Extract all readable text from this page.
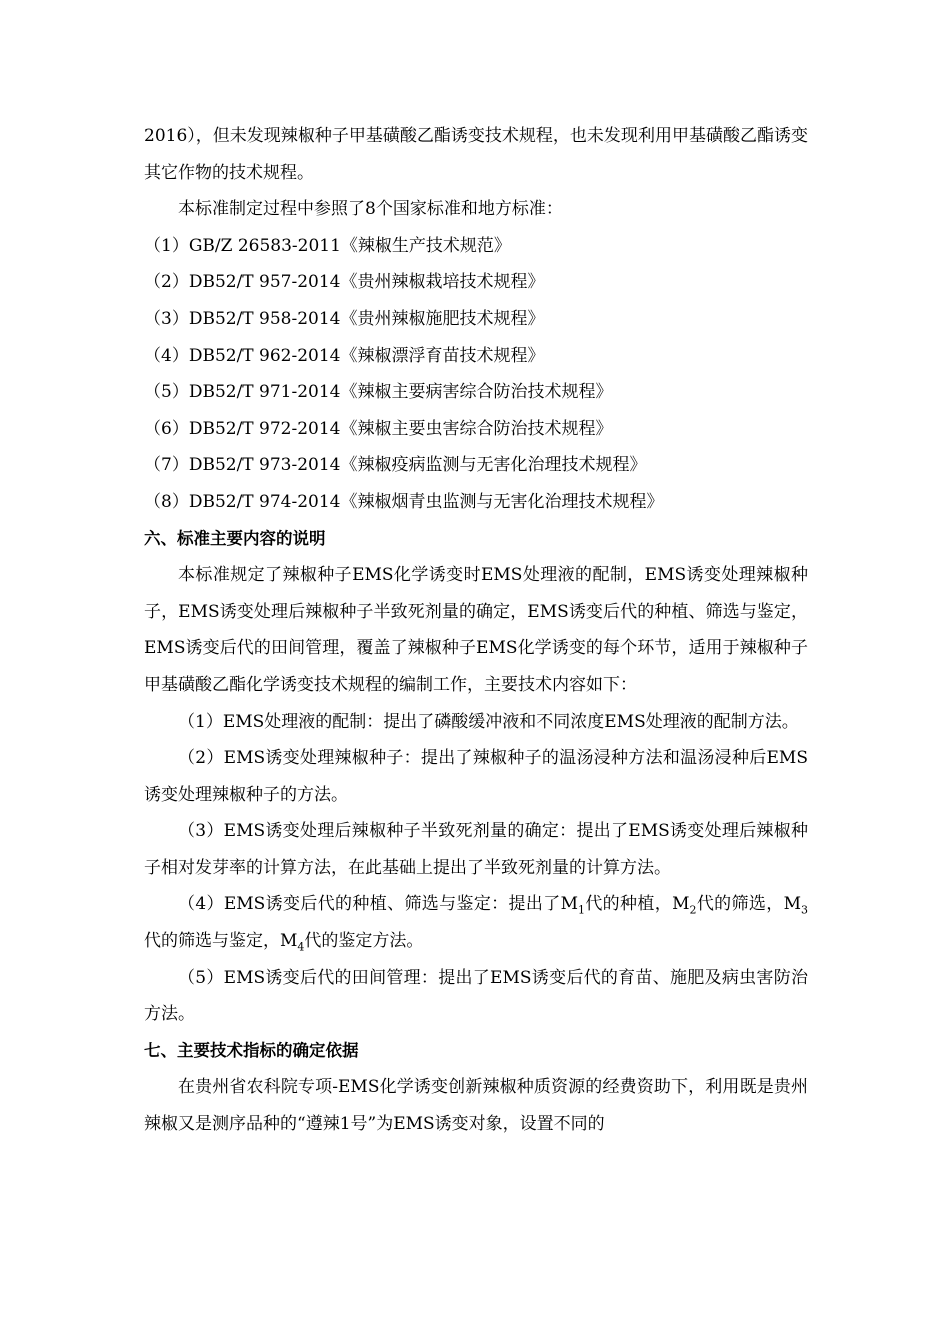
2016），但未发现辣椒种子甲基磺酸乙酯诱变技术规程，也未发现利用甲基磺酸乙酯诱变其它作物的技术规程。

本标准制定过程中参照了8个国家标准和地方标准：

（1）GB/Z 26583-2011《辣椒生产技术规范》

（2）DB52/T 957-2014《贵州辣椒栽培技术规程》

（3）DB52/T 958-2014《贵州辣椒施肥技术规程》

（4）DB52/T 962-2014《辣椒漂浮育苗技术规程》

（5）DB52/T 971-2014《辣椒主要病害综合防治技术规程》

（6）DB52/T 972-2014《辣椒主要虫害综合防治技术规程》

（7）DB52/T 973-2014《辣椒疫病监测与无害化治理技术规程》

（8）DB52/T 974-2014《辣椒烟青虫监测与无害化治理技术规程》

六、标准主要内容的说明

本标准规定了辣椒种子EMS化学诱变时EMS处理液的配制，EMS诱变处理辣椒种子，EMS诱变处理后辣椒种子半致死剂量的确定，EMS诱变后代的种植、筛选与鉴定，EMS诱变后代的田间管理，覆盖了辣椒种子EMS化学诱变的每个环节，适用于辣椒种子甲基磺酸乙酯化学诱变技术规程的编制工作，主要技术内容如下：

（1）EMS处理液的配制：提出了磷酸缓冲液和不同浓度EMS处理液的配制方法。

（2）EMS诱变处理辣椒种子：提出了辣椒种子的温汤浸种方法和温汤浸种后EMS诱变处理辣椒种子的方法。

（3）EMS诱变处理后辣椒种子半致死剂量的确定：提出了EMS诱变处理后辣椒种子相对发芽率的计算方法，在此基础上提出了半致死剂量的计算方法。

（4）EMS诱变后代的种植、筛选与鉴定：提出了$M_1$代的种植，$M_2$代的筛选，$M_3$代的筛选与鉴定，$M_4$代的鉴定方法。

（5）EMS诱变后代的田间管理：提出了EMS诱变后代的育苗、施肥及病虫害防治方法。

七、主要技术指标的确定依据

在贵州省农科院专项-EMS化学诱变创新辣椒种质资源的经费资助下，利用既是贵州辣椒又是测序品种的“遵辣1号”为EMS诱变对象，设置不同的
